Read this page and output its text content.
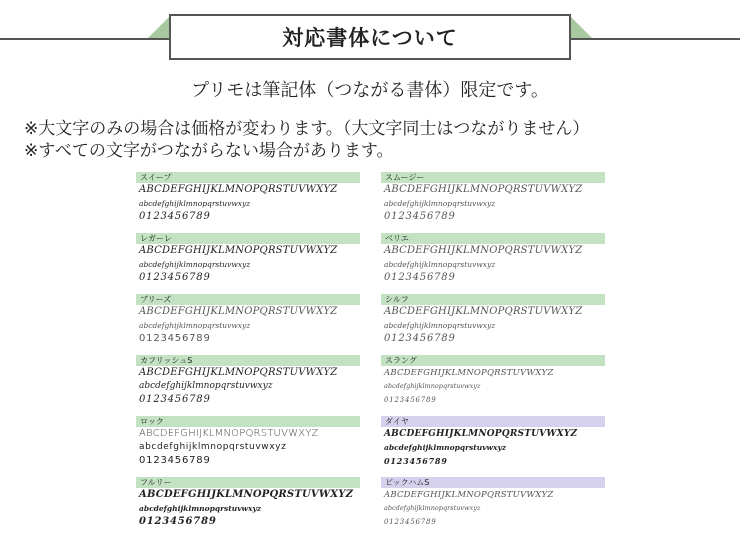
対応書体について
プリモは筆記体（つながる書体）限定です。
※大文字のみの場合は価格が変わります。（大文字同士はつながりません）
※すべての文字がつながらない場合があります。
スイープ
ABCDEFGHIJKLMNOPQRSTUVWXYZ
abcdefghijklmnopqrstuvwxyz
0123456789
スムージー
ABCDEFGHIJKLMNOPQRSTUVWXYZ
abcdefghijklmnopqrstuvwxyz
0123456789
レガーレ
ABCDEFGHIJKLMNOPQRSTUVWXYZ
abcdefghijklmnopqrstuvwxyz
0123456789
ベリエ
ABCDEFGHIJKLMNOPQRSTUVWXYZ
abcdefghijklmnopqrstuvwxyz
0123456789
ブリーズ
ABCDEFGHIJKLMNOPQRSTUVWXYZ
abcdefghijklmnopqrstuvwxyz
0123456789
シルフ
ABCDEFGHIJKLMNOPQRSTUVWXYZ
abcdefghijklmnopqrstuvwxyz
0123456789
カフリッシュS
ABCDEFGHIJKLMNOPQRSTUVWXYZ
abcdefghijklmnopqrstuvwxyz
0123456789
スラング
ABCDEFGHIJKLMNOPQRSTUVWXYZ
abcdefghijklmnopqrstuvwxyz
0123456789
ロック
ABCDEFGHIJKLMNOPQRSTUVWXYZ
abcdefghijklmnopqrstuvwxyz
0123456789
ダイヤ
ABCDEFGHIJKLMNOPQRSTUVWXYZ
abcdefghijklmnopqrstuvwxyz
0123456789
フルリー
ABCDEFGHIJKLMNOPQRSTUVWXYZ
abcdefghijklmnopqrstuvwxyz
0123456789
ビックハムS
ABCDEFGHIJKLMNOPQRSTUVWXYZ
abcdefghijklmnopqrstuvwxyz
0123456789
